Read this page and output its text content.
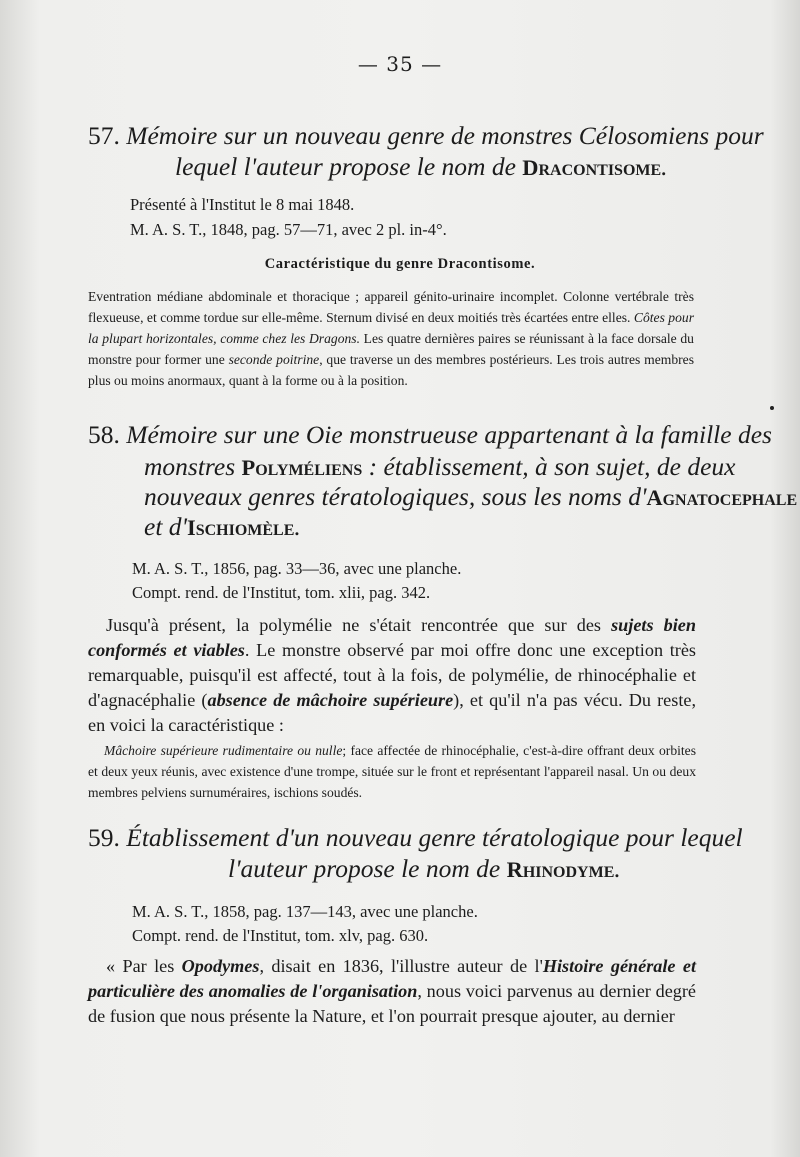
— 35 —

57. Mémoire sur un nouveau genre de monstres Célosomiens pour

lequel l'auteur propose le nom de Dracontisome.

Présenté à l'Institut le 8 mai 1848.

M. A. S. T., 1848, pag. 57—71, avec 2 pl. in-4°.

Caractéristique du genre Dracontisome.

Eventration médiane abdominale et thoracique ; appareil génito-urinaire incomplet. Colonne vertébrale très flexueuse, et comme tordue sur elle-même. Sternum divisé en deux moitiés très écartées entre elles. Côtes pour la plupart horizontales, comme chez les Dragons. Les quatre dernières paires se réunissant à la face dorsale du monstre pour former une seconde poitrine, que traverse un des membres postérieurs. Les trois autres membres plus ou moins anormaux, quant à la forme ou à la position.

58. Mémoire sur une Oie monstrueuse appartenant à la famille des

monstres Polyméliens : établissement, à son sujet, de deux

nouveaux genres tératologiques, sous les noms d'Agnatocephale

et d'Ischiomèle.

M. A. S. T., 1856, pag. 33—36, avec une planche.

Compt. rend. de l'Institut, tom. xlii, pag. 342.

Jusqu'à présent, la polymélie ne s'était rencontrée que sur des sujets bien conformés et viables. Le monstre observé par moi offre donc une exception très remarquable, puisqu'il est affecté, tout à la fois, de polymélie, de rhinocéphalie et d'agnacéphalie (absence de mâchoire supérieure), et qu'il n'a pas vécu. Du reste, en voici la caractéristique :

Mâchoire supérieure rudimentaire ou nulle; face affectée de rhinocéphalie, c'est-à-dire offrant deux orbites et deux yeux réunis, avec existence d'une trompe, située sur le front et représentant l'appareil nasal. Un ou deux membres pelviens surnuméraires, ischions soudés.

59. Établissement d'un nouveau genre tératologique pour lequel

l'auteur propose le nom de Rhinodyme.

M. A. S. T., 1858, pag. 137—143, avec une planche.

Compt. rend. de l'Institut, tom. xlv, pag. 630.

« Par les Opodymes, disait en 1836, l'illustre auteur de l'Histoire générale et particulière des anomalies de l'organisation, nous voici parvenus au dernier degré de fusion que nous présente la Nature, et l'on pourrait presque ajouter, au dernier
